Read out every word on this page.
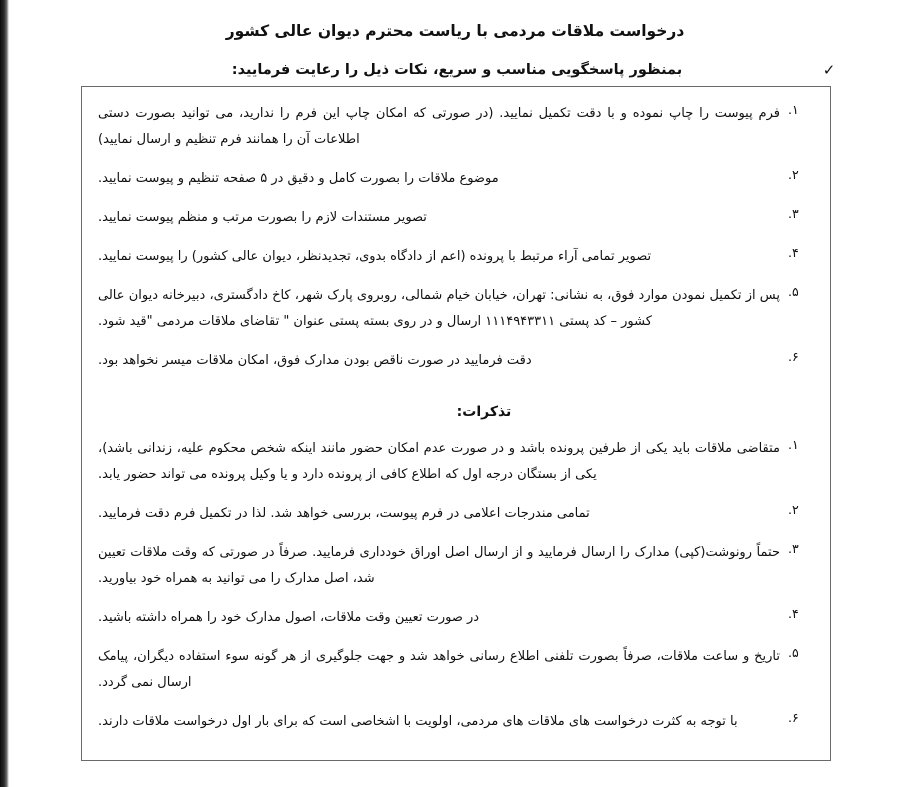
درخواست ملاقات مردمی با ریاست محترم دیوان عالی کشور
بمنظور پاسخگویی مناسب و سریع، نکات ذیل را رعایت فرمایید:	✓
۱.
فرم پیوست را چاپ نموده و با دقت تکمیل نمایید. (در صورتی که امکان چاپ این فرم را ندارید، می توانید بصورت دستی اطلاعات آن را همانند فرم تنظیم و ارسال نمایید)
۲.
موضوع ملاقات را بصورت کامل و دقیق در ۵ صفحه تنظیم و پیوست نمایید.
۳.
تصویر مستندات لازم را بصورت مرتب و منظم پیوست نمایید.
۴.
تصویر تمامی آراء مرتبط با پرونده (اعم از دادگاه بدوی، تجدیدنظر، دیوان عالی کشور) را پیوست نمایید.
۵.
پس از تکمیل نمودن موارد فوق، به نشانی: تهران، خیابان خیام شمالی، روبروی پارک شهر، کاخ دادگستری، دبیرخانه دیوان عالی کشور – کد پستی ۱۱۱۴۹۴۳۳۱۱ ارسال و در روی بسته پستی عنوان " تقاضای ملاقات مردمی "قید شود.
۶.
دقت فرمایید در صورت ناقص بودن مدارک فوق، امکان ملاقات میسر نخواهد بود.
تذکرات:
۱.
متقاضی ملاقات باید یکی از طرفین پرونده باشد و در صورت عدم امکان حضور مانند اینکه شخص محکوم علیه، زندانی باشد)، یکی از بستگان درجه اول که اطلاع کافی از پرونده دارد و یا وکیل پرونده می تواند حضور یابد.
۲.
تمامی مندرجات اعلامی در فرم پیوست، بررسی خواهد شد. لذا در تکمیل فرم دقت فرمایید.
۳.
حتماً رونوشت(کپی) مدارک را ارسال فرمایید و از ارسال اصل اوراق خودداری فرمایید. صرفاً در صورتی که وقت ملاقات تعیین شد، اصل مدارک را می توانید به همراه خود بیاورید.
۴.
در صورت تعیین وقت ملاقات، اصول مدارک خود را همراه داشته باشید.
۵.
تاریخ و ساعت ملاقات، صرفاً بصورت تلفنی اطلاع رسانی خواهد شد و جهت جلوگیری از هر گونه سوء استفاده دیگران، پیامک ارسال نمی گردد.
۶.
با توجه به کثرت درخواست های ملاقات های مردمی، اولویت با اشخاصی است که برای بار اول درخواست ملاقات دارند.
